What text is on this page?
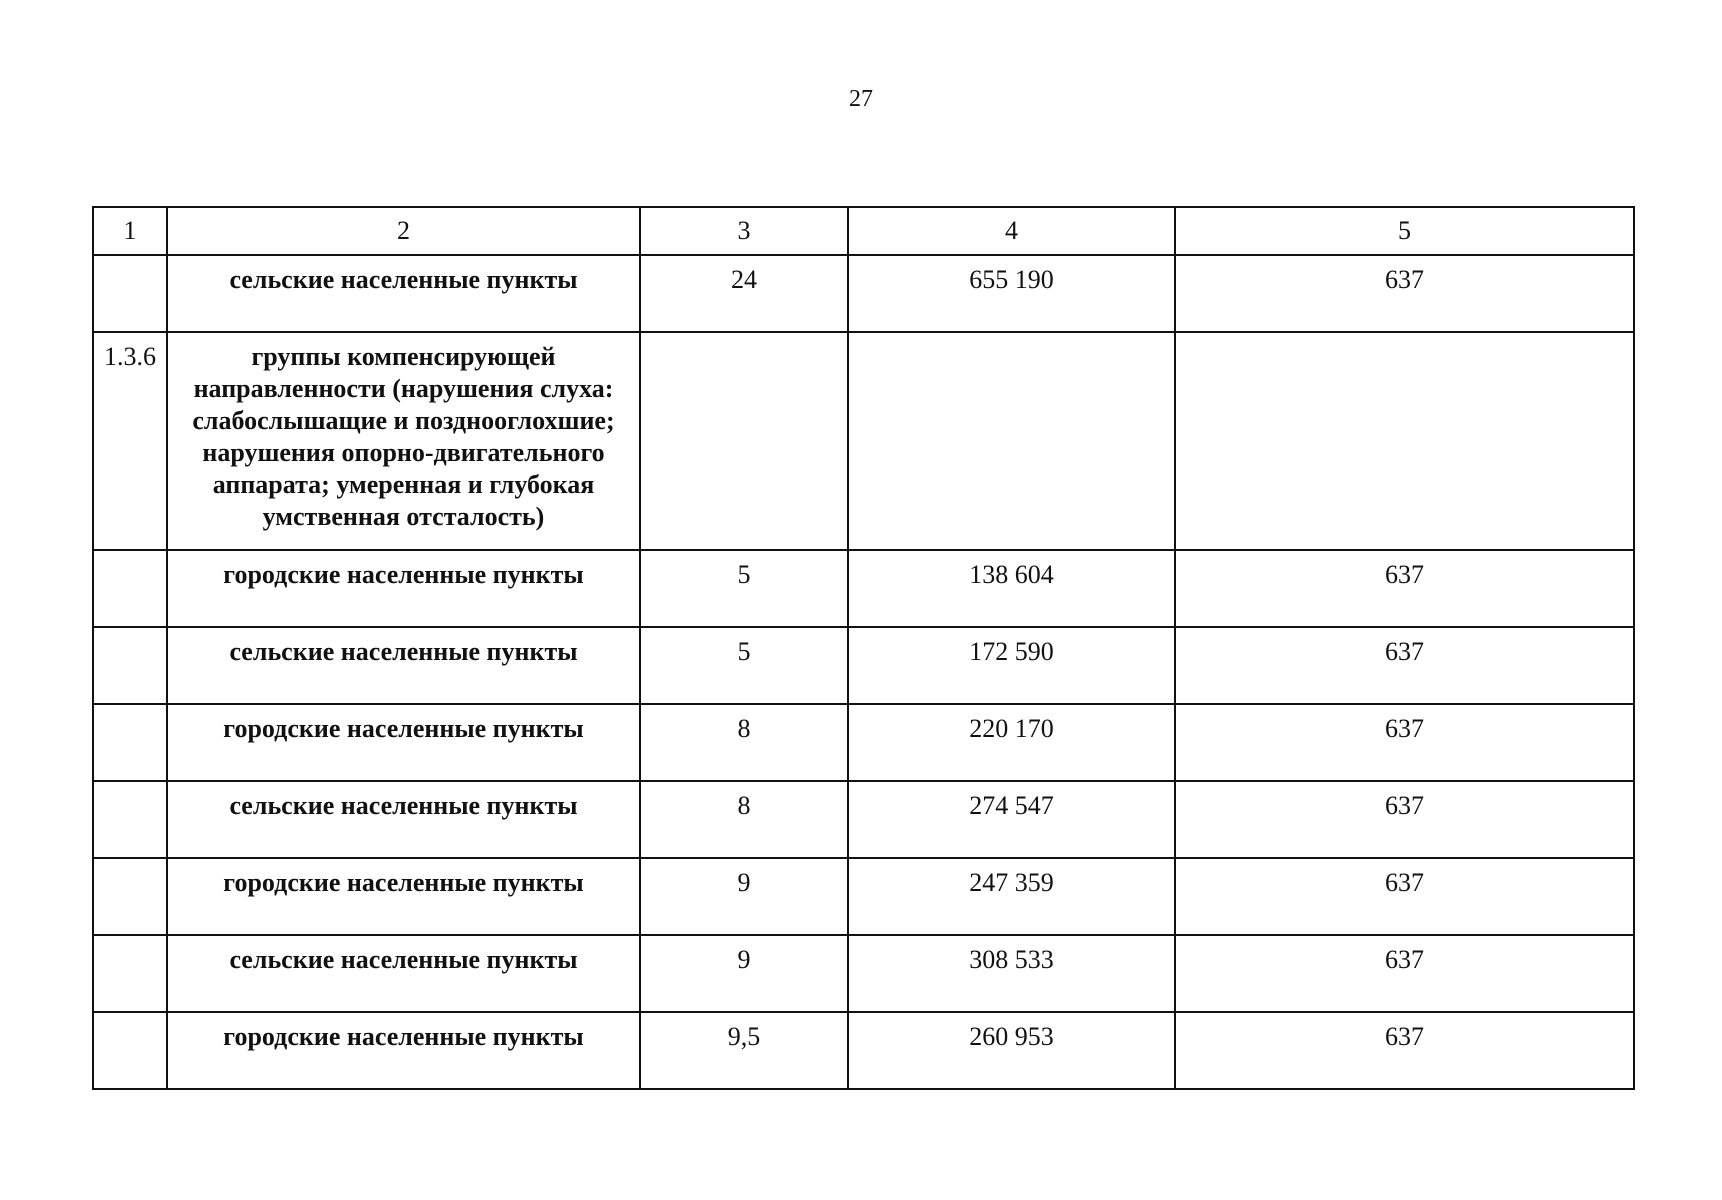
27
1	2	3	4	5
	сельские населенные пункты	24	655 190	637
1.3.6	группы компенсирующей направленности (нарушения слуха: слабослышащие и позднооглохшие; нарушения опорно-двигательного аппарата; умеренная и глубокая умственная отсталость)			
	городские населенные пункты	5	138 604	637
	сельские населенные пункты	5	172 590	637
	городские населенные пункты	8	220 170	637
	сельские населенные пункты	8	274 547	637
	городские населенные пункты	9	247 359	637
	сельские населенные пункты	9	308 533	637
	городские населенные пункты	9,5	260 953	637
